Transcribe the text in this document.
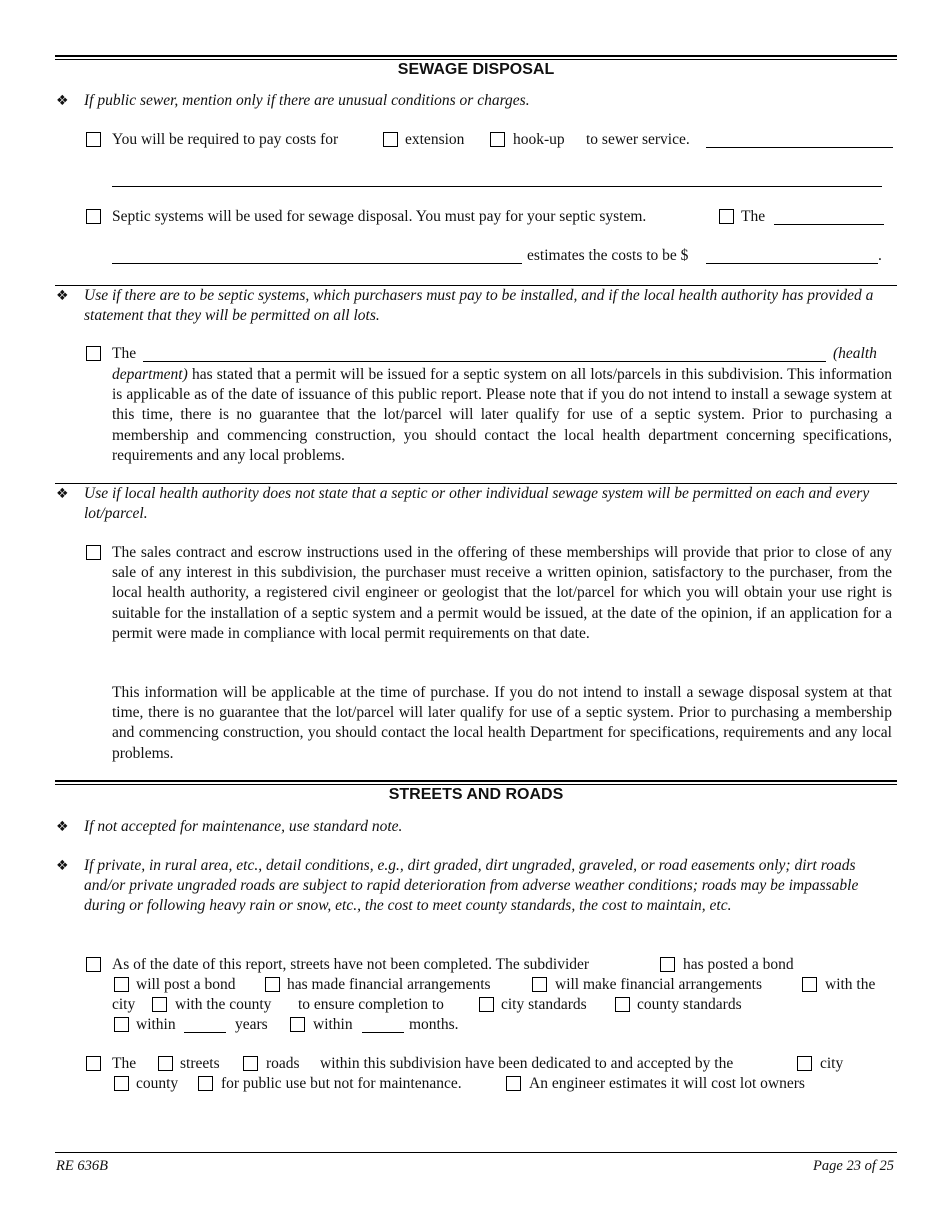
SEWAGE DISPOSAL
❖ If public sewer, mention only if there are unusual conditions or charges.
You will be required to pay costs for	extension	hook-up to sewer service.
Septic systems will be used for sewage disposal. You must pay for your septic system.	The
estimates the costs to be $	.
❖ Use if there are to be septic systems, which purchasers must pay to be installed, and if the local health authority has provided a statement that they will be permitted on all lots.
The	(health
department) has stated that a permit will be issued for a septic system on all lots/parcels in this subdivision. This information is applicable as of the date of issuance of this public report. Please note that if you do not intend to install a sewage system at this time, there is no guarantee that the lot/parcel will later qualify for use of a septic system. Prior to purchasing a membership and commencing construction, you should contact the local health department concerning specifications, requirements and any local problems.
❖ Use if local health authority does not state that a septic or other individual sewage system will be permitted on each and every lot/parcel.
The sales contract and escrow instructions used in the offering of these memberships will provide that prior to close of any sale of any interest in this subdivision, the purchaser must receive a written opinion, satisfactory to the purchaser, from the local health authority, a registered civil engineer or geologist that the lot/parcel for which you will obtain your use right is suitable for the installation of a septic system and a permit would be issued, at the date of the opinion, if an application for a permit were made in compliance with local permit requirements on that date.
This information will be applicable at the time of purchase. If you do not intend to install a sewage disposal system at that time, there is no guarantee that the lot/parcel will later qualify for use of a septic system. Prior to purchasing a membership and commencing construction, you should contact the local health Department for specifications, requirements and any local problems.
STREETS AND ROADS
❖ If not accepted for maintenance, use standard note.
❖ If private, in rural area, etc., detail conditions, e.g., dirt graded, dirt ungraded, graveled, or road easements only; dirt roads and/or private ungraded roads are subject to rapid deterioration from adverse weather conditions; roads may be impassable during or following heavy rain or snow, etc., the cost to meet county standards, the cost to maintain, etc.
As of the date of this report, streets have not been completed. The subdivider	has posted a bond
will post a bond	has made financial arrangements	will make financial arrangements	with the
city	with the county to ensure completion to	city standards	county standards
within	years	within	months.
The	streets	roads within this subdivision have been dedicated to and accepted by the	city
county	for public use but not for maintenance.	An engineer estimates it will cost lot owners
RE 636B	Page 23 of 25
